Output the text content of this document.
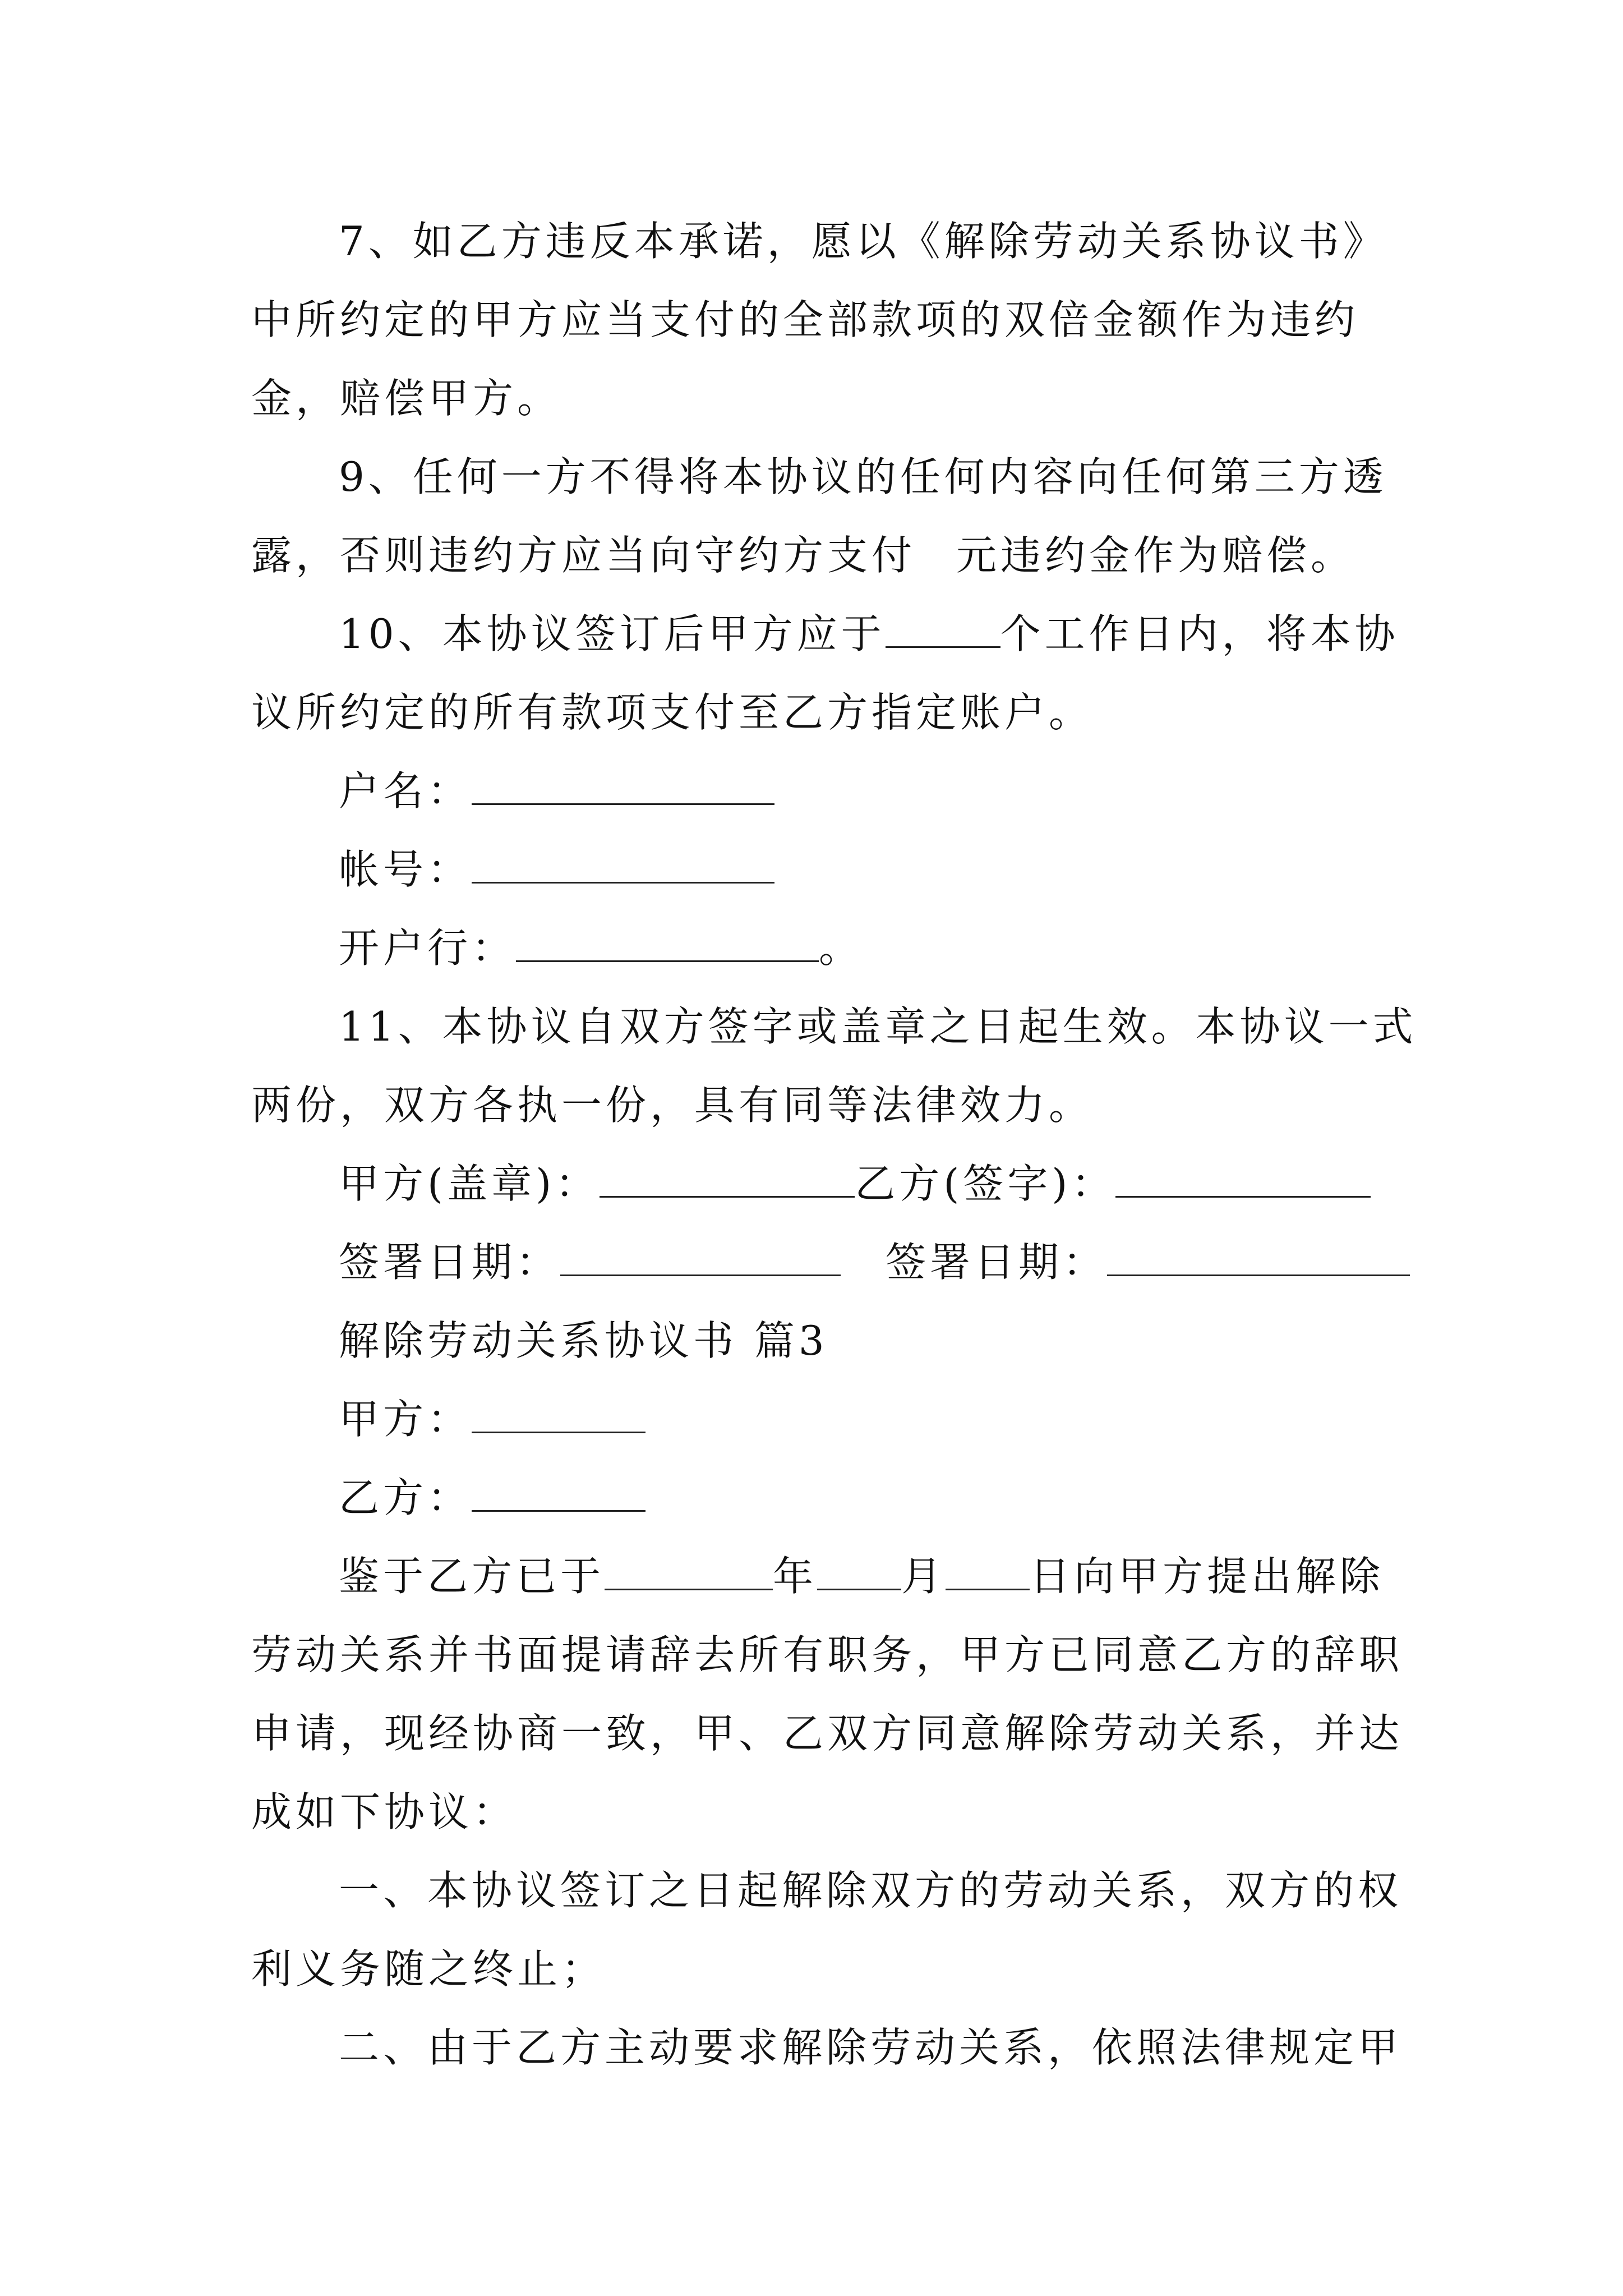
7、如乙方违反本承诺，愿以《解除劳动关系协议书》
中所约定的甲方应当支付的全部款项的双倍金额作为违约
金，赔偿甲方。
9、任何一方不得将本协议的任何内容向任何第三方透
露，否则违约方应当向守约方支付 元违约金作为赔偿。
10、本协议签订后甲方应于	个工作日内，将本协
议所约定的所有款项支付至乙方指定账户。
户名：
帐号：
开户行：	。
11、本协议自双方签字或盖章之日起生效。本协议一式
两份，双方各执一份，具有同等法律效力。
甲方(盖章)：	乙方(签字)：
签署日期：	签署日期：
解除劳动关系协议书 篇3
甲方：
乙方：
鉴于乙方已于	年 月 日向甲方提出解除
劳动关系并书面提请辞去所有职务，甲方已同意乙方的辞职
申请，现经协商一致，甲、乙双方同意解除劳动关系，并达
成如下协议：
一、本协议签订之日起解除双方的劳动关系，双方的权
利义务随之终止；
二、由于乙方主动要求解除劳动关系，依照法律规定甲
